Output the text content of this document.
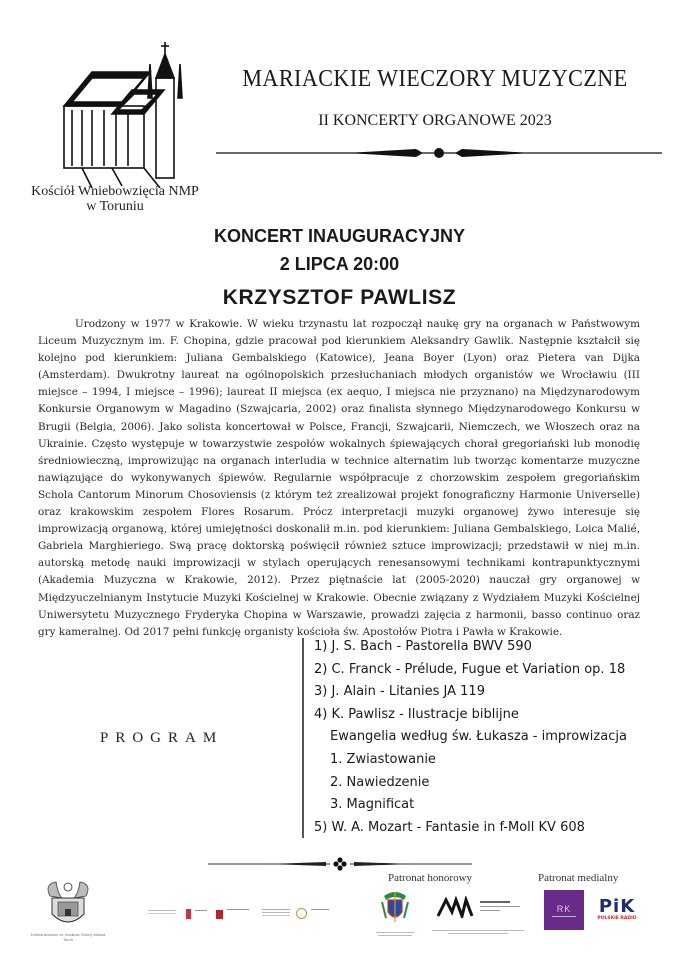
Kościół Wniebowzięcia NMP
w Toruniu
MARIACKIE WIECZORY MUZYCZNE
II KONCERTY ORGANOWE 2023
KONCERT INAUGURACYJNY
2 LIPCA 20:00
KRZYSZTOF PAWLISZ
Urodzony w 1977 w Krakowie. W wieku trzynastu lat rozpoczął naukę gry na organach w Państwowym Liceum Muzycznym im. F. Chopina, gdzie pracował pod kierunkiem Aleksandry Gawlik. Następnie kształcił się kolejno pod kierunkiem: Juliana Gembalskiego (Katowice), Jeana Boyer (Lyon) oraz Pietera van Dijka (Amsterdam). Dwukrotny laureat na ogólnopolskich przesłuchaniach młodych organistów we Wrocławiu (III miejsce – 1994, I miejsce – 1996); laureat II miejsca (ex aequo, I miejsca nie przyznano) na Międzynarodowym Konkursie Organowym w Magadino (Szwajcaria, 2002) oraz finalista słynnego Międzynarodowego Konkursu w Brugii (Belgia, 2006). Jako solista koncertował w Polsce, Francji, Szwajcarii, Niemczech, we Włoszech oraz na Ukrainie. Często występuje w towarzystwie zespołów wokalnych śpiewających chorał gregoriański lub monodię średniowieczną, improwizując na organach interludia w technice alternatim lub tworząc komentarze muzyczne nawiązujące do wykonywanych śpiewów. Regularnie współpracuje z chorzowskim zespołem gregoriańskim Schola Cantorum Minorum Chosoviensis (z którym też zrealizował projekt fonograficzny Harmonie Universelle) oraz krakowskim zespołem Flores Rosarum. Prócz interpretacji muzyki organowej żywo interesuje się improwizacją organową, której umiejętności doskonalił m.in. pod kierunkiem: Juliana Gembalskiego, Loica Malié, Gabriela Marghieriego. Swą pracę doktorską poświęcił również sztuce improwizacji; przedstawił w niej m.in. autorską metodę nauki improwizacji w stylach operujących renesansowymi technikami kontrapunktycznymi (Akademia Muzyczna w Krakowie, 2012). Przez piętnaście lat (2005-2020) nauczał gry organowej w Międzyuczelnianym Instytucie Muzyki Kościelnej w Krakowie. Obecnie związany z Wydziałem Muzyki Kościelnej Uniwersytetu Muzycznego Fryderyka Chopina w Warszawie, prowadzi zajęcia z harmonii, basso continuo oraz gry kameralnej. Od 2017 pełni funkcję organisty kościoła św. Apostołów Piotra i Pawła w Krakowie.
PROGRAM
1) J. S. Bach - Pastorella BWV 590
2) C. Franck - Prélude, Fugue et Variation op. 18
3) J. Alain - Litanies JA 119
4) K. Pawlisz - Ilustracje biblijne
Ewangelia według św. Łukasza - improwizacja
1. Zwiastowanie
2. Nawiedzenie
3. Magnificat
5) W. A. Mozart - Fantasie in f-Moll KV 608
Dofinansowano ze środków Gminy Miasta Toruń

Patronat honorowy	Patronat medialny
RK PiK
POLSKIE RADIO
